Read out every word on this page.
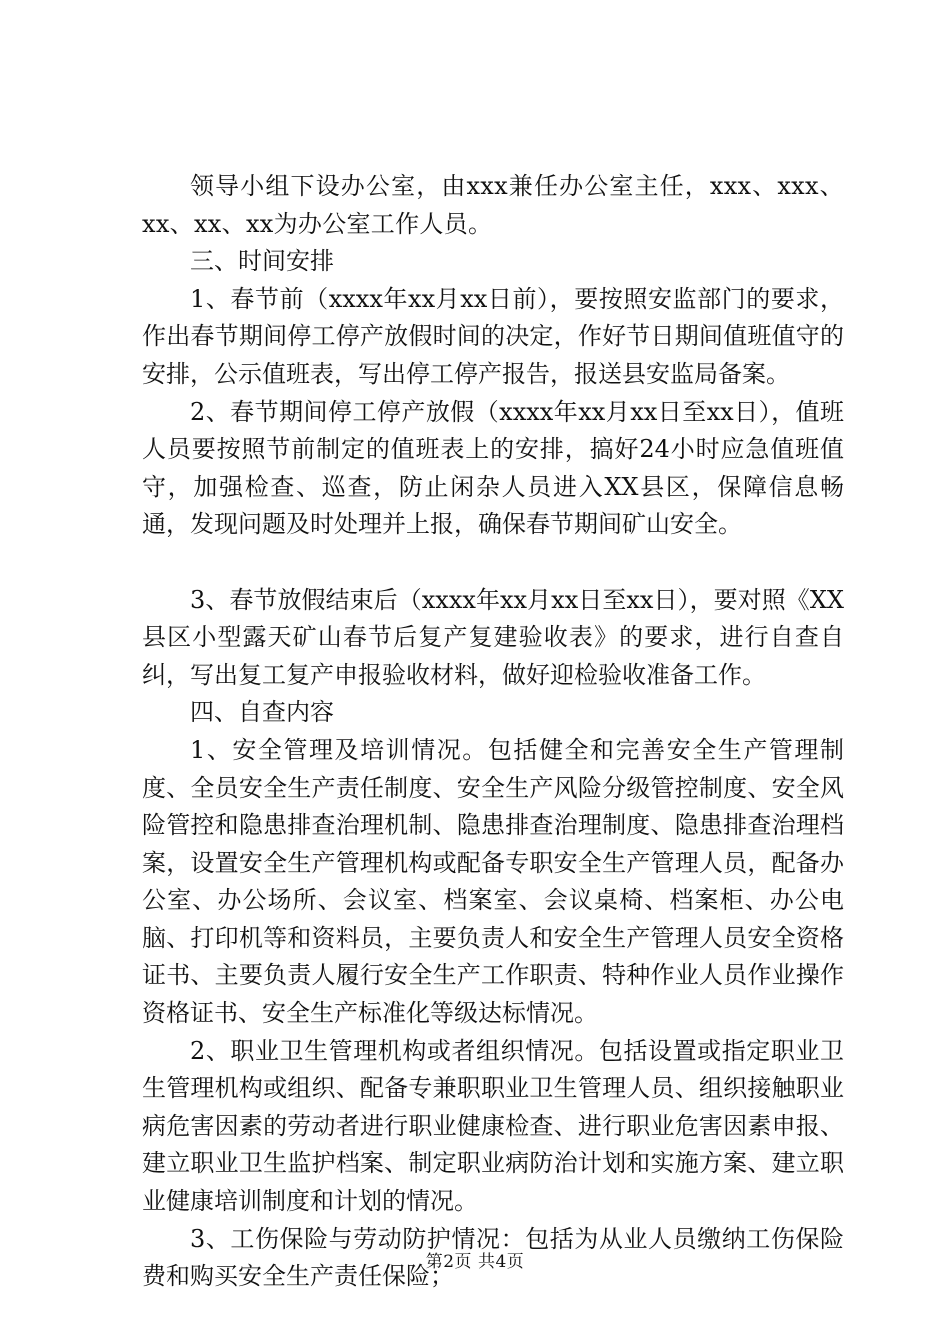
领导小组下设办公室，由xxx兼任办公室主任，xxx、xxx、xx、xx、xx为办公室工作人员。

三、时间安排

1、春节前（xxxx年xx月xx日前），要按照安监部门的要求，作出春节期间停工停产放假时间的决定，作好节日期间值班值守的安排，公示值班表，写出停工停产报告，报送县安监局备案。

2、春节期间停工停产放假（xxxx年xx月xx日至xx日），值班人员要按照节前制定的值班表上的安排，搞好24小时应急值班值守，加强检查、巡查，防止闲杂人员进入XX县区，保障信息畅通，发现问题及时处理并上报，确保春节期间矿山安全。

3、春节放假结束后（xxxx年xx月xx日至xx日），要对照《XX县区小型露天矿山春节后复产复建验收表》的要求，进行自查自纠，写出复工复产申报验收材料，做好迎检验收准备工作。

四、自查内容

1、安全管理及培训情况。包括健全和完善安全生产管理制度、全员安全生产责任制度、安全生产风险分级管控制度、安全风险管控和隐患排查治理机制、隐患排查治理制度、隐患排查治理档案，设置安全生产管理机构或配备专职安全生产管理人员，配备办公室、办公场所、会议室、档案室、会议桌椅、档案柜、办公电脑、打印机等和资料员，主要负责人和安全生产管理人员安全资格证书、主要负责人履行安全生产工作职责、特种作业人员作业操作资格证书、安全生产标准化等级达标情况。

2、职业卫生管理机构或者组织情况。包括设置或指定职业卫生管理机构或组织、配备专兼职职业卫生管理人员、组织接触职业病危害因素的劳动者进行职业健康检查、进行职业危害因素申报、建立职业卫生监护档案、制定职业病防治计划和实施方案、建立职业健康培训制度和计划的情况。

3、工伤保险与劳动防护情况：包括为从业人员缴纳工伤保险费和购买安全生产责任保险；

第2页 共4页
